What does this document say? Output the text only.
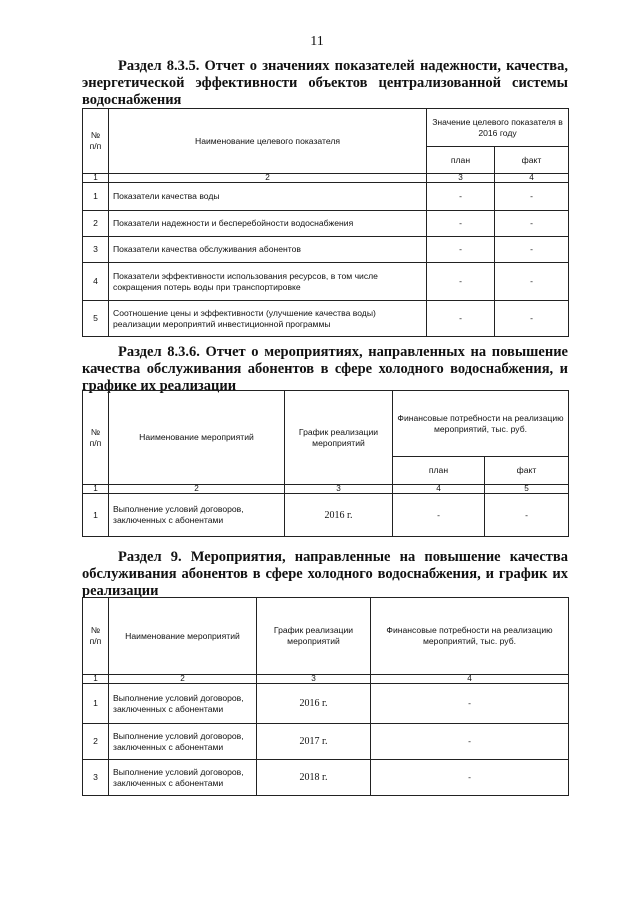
11
Раздел 8.3.5. Отчет о значениях показателей надежности, качества, энергетической эффективности объектов централизованной системы водоснабжения
№ п/п	Наименование целевого показателя	Значение целевого показателя в 2016 году	
		план	факт
1	2	3	4
1	Показатели качества воды	-	-
2	Показатели надежности и бесперебойности водоснабжения	-	-
3	Показатели качества обслуживания абонентов	-	-
4	Показатели эффективности использования ресурсов, в том числе сокращения потерь воды при транспортировке	-	-
5	Соотношение цены и эффективности (улучшение качества воды) реализации мероприятий инвестиционной программы	-	-
Раздел 8.3.6. Отчет о мероприятиях, направленных на повышение качества обслуживания абонентов в сфере холодного водоснабжения, и графике их реализации
№ п/п	Наименование мероприятий	График реализации мероприятий	Финансовые потребности на реализацию мероприятий, тыс. руб.	
			план	факт
1	2	3	4	5
1	Выполнение условий договоров, заключенных с абонентами	2016 г.	-	-
Раздел 9. Мероприятия, направленные на повышение качества обслуживания абонентов в сфере холодного водоснабжения, и график их реализации
№ п/п	Наименование мероприятий	График реализации мероприятий	Финансовые потребности на реализацию мероприятий, тыс. руб.
1	2	3	4
1	Выполнение условий договоров, заключенных с абонентами	2016 г.	-
2	Выполнение условий договоров, заключенных с абонентами	2017 г.	-
3	Выполнение условий договоров, заключенных с абонентами	2018 г.	-
